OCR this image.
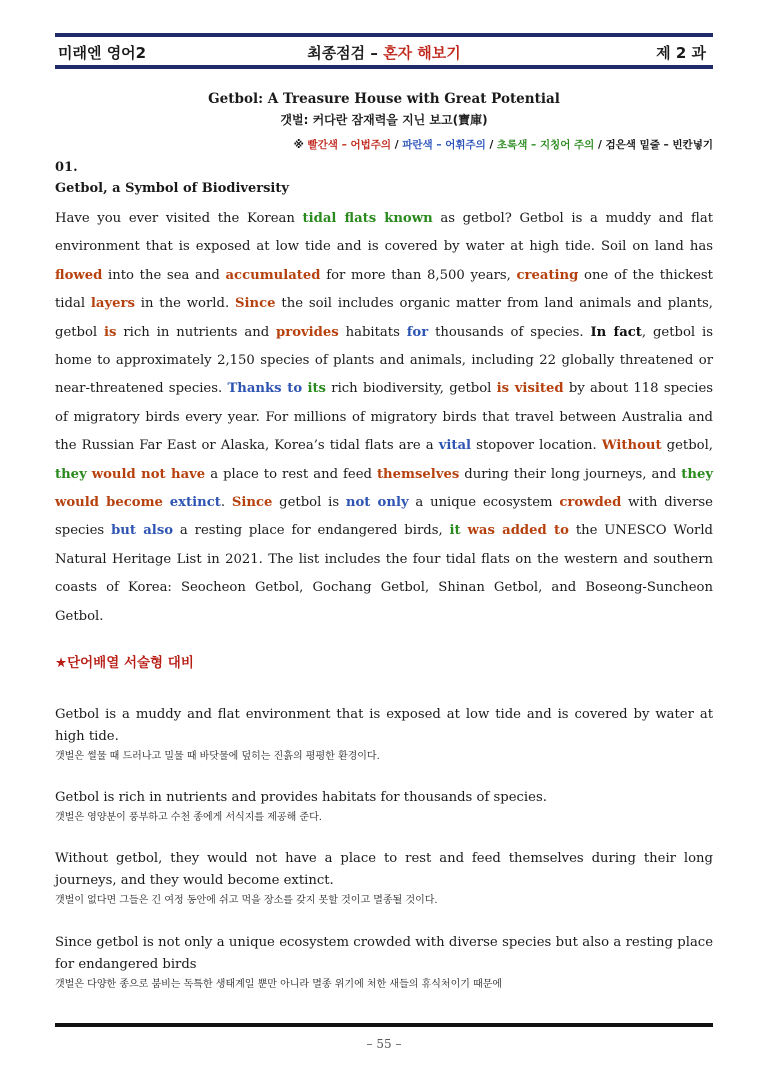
미래엔 영어2	최종점검 – 혼자 해보기	제 2 과
Getbol: A Treasure House with Great Potential
갯벌: 커다란 잠재력을 지닌 보고(寶庫)
※ 빨간색 – 어법주의 / 파란색 – 어휘주의 / 초록색 – 지칭어 주의 / 검은색 밑줄 – 빈칸넣기
01.
Getbol, a Symbol of Biodiversity
Have you ever visited the Korean tidal flats known as getbol? Getbol is a muddy and flat environment that is exposed at low tide and is covered by water at high tide. Soil on land has flowed into the sea and accumulated for more than 8,500 years, creating one of the thickest tidal layers in the world. Since the soil includes organic matter from land animals and plants, getbol is rich in nutrients and provides habitats for thousands of species. In fact, getbol is home to approximately 2,150 species of plants and animals, including 22 globally threatened or near-threatened species. Thanks to its rich biodiversity, getbol is visited by about 118 species of migratory birds every year. For millions of migratory birds that travel between Australia and the Russian Far East or Alaska, Korea’s tidal flats are a vital stopover location. Without getbol, they would not have a place to rest and feed themselves during their long journeys, and they would become extinct. Since getbol is not only a unique ecosystem crowded with diverse species but also a resting place for endangered birds, it was added to the UNESCO World Natural Heritage List in 2021. The list includes the four tidal flats on the western and southern coasts of Korea: Seocheon Getbol, Gochang Getbol, Shinan Getbol, and Boseong-Suncheon Getbol.
★단어배열 서술형 대비
Getbol is a muddy and flat environment that is exposed at low tide and is covered by water at high tide.
갯벌은 썰물 때 드러나고 밀물 때 바닷물에 덮히는 진흙의 평평한 환경이다.
Getbol is rich in nutrients and provides habitats for thousands of species.
갯벌은 영양분이 풍부하고 수천 종에게 서식지를 제공해 준다.
Without getbol, they would not have a place to rest and feed themselves during their long journeys, and they would become extinct.
갯벌이 없다면 그들은 긴 여정 동안에 쉬고 먹을 장소를 갖지 못할 것이고 멸종될 것이다.
Since getbol is not only a unique ecosystem crowded with diverse species but also a resting place for endangered birds
갯벌은 다양한 종으로 붐비는 독특한 생태계일 뿐만 아니라 멸종 위기에 처한 새들의 휴식처이기 때문에
– 55 –
